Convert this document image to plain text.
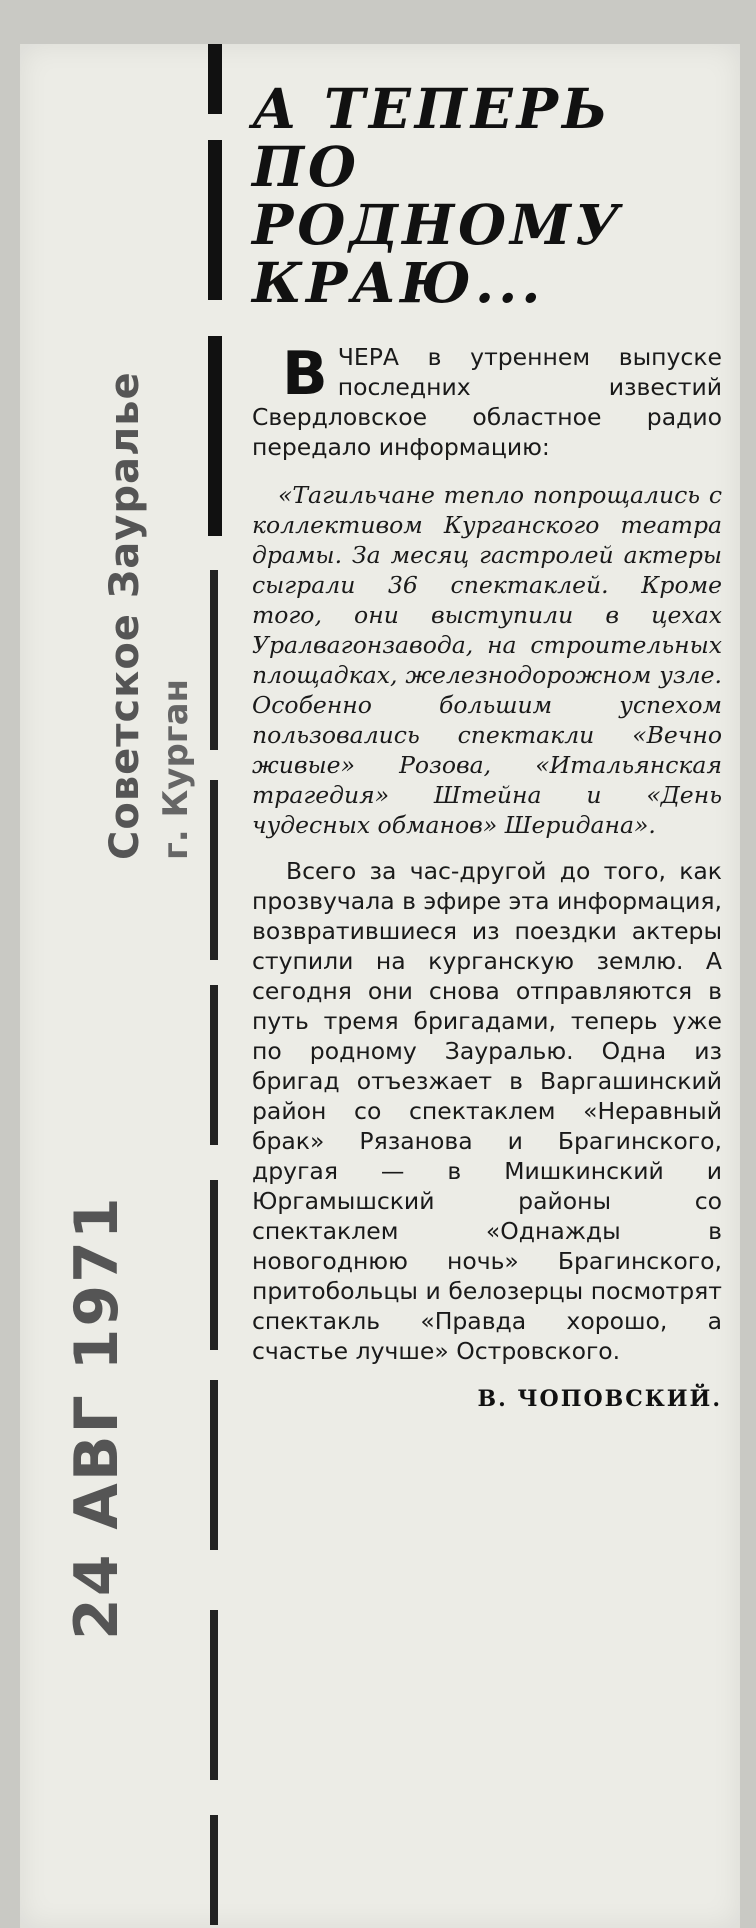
Советское Зауралье г. Курган
24 АВГ 1971
А ТЕПЕРЬ
ПО
РОДНОМУ
КРАЮ...

ВЧЕРА в утреннем выпуске последних известий Свердловское областное радио передало информацию:

«Тагильчане тепло попрощались с коллективом Курганского театра драмы. За месяц гастролей актеры сыграли 36 спектаклей. Кроме того, они выступили в цехах Уралвагонзавода, на строительных площадках, железнодорожном узле. Особенно большим успехом пользовались спектакли «Вечно живые» Розова, «Итальянская трагедия» Штейна и «День чудесных обманов» Шеридана».

Всего за час-другой до того, как прозвучала в эфире эта информация, возвратившиеся из поездки актеры ступили на курганскую землю. А сегодня они снова отправляются в путь тремя бригадами, теперь уже по родному Зауралью. Одна из бригад отъезжает в Варгашинский район со спектаклем «Неравный брак» Рязанова и Брагинского, другая — в Мишкинский и Юргамышский районы со спектаклем «Однажды в новогоднюю ночь» Брагинского, притобольцы и белозерцы посмотрят спектакль «Правда хорошо, а счастье лучше» Островского.

В. ЧОПОВСКИЙ.
